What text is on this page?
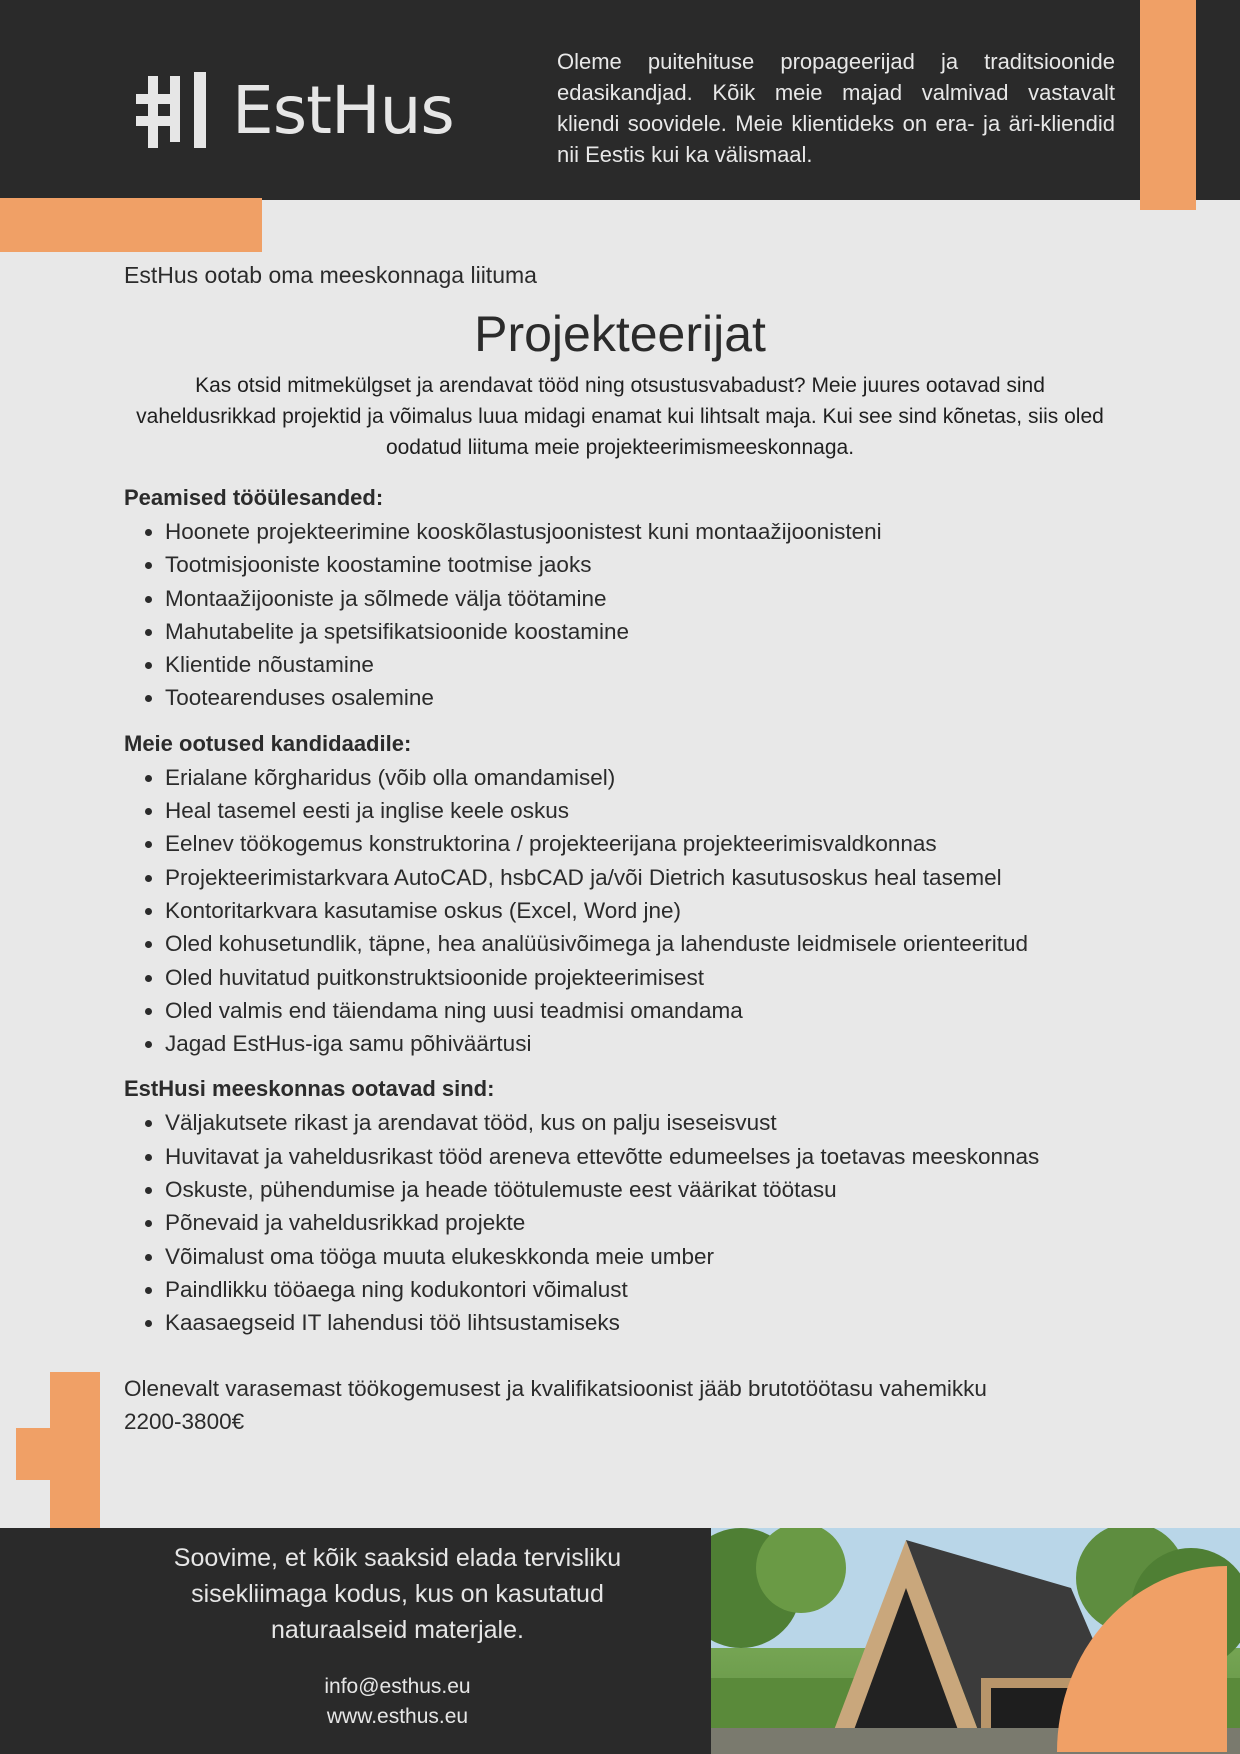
EstHus
Oleme puitehituse propageerijad ja traditsioonide edasikandjad. Kõik meie majad valmivad vastavalt kliendi soovidele. Meie klientideks on era- ja äri-kliendid nii Eestis kui ka välismaal.

EstHus ootab oma meeskonnaga liituma

Projekteerijat

Kas otsid mitmekülgset ja arendavat tööd ning otsustusvabadust? Meie juures ootavad sind vaheldusrikkad projektid ja võimalus luua midagi enamat kui lihtsalt maja. Kui see sind kõnetas, siis oled oodatud liituma meie projekteerimismeeskonnaga.

Peamised tööülesanded:
• Hoonete projekteerimine kooskõlastusjoonistest kuni montaažijoonisteni
• Tootmisjooniste koostamine tootmise jaoks
• Montaažijooniste ja sõlmede välja töötamine
• Mahutabelite ja spetsifikatsioonide koostamine
• Klientide nõustamine
• Tootearenduses osalemine
Meie ootused kandidaadile:
• Erialane kõrgharidus (võib olla omandamisel)
• Heal tasemel eesti ja inglise keele oskus
• Eelnev töökogemus konstruktorina / projekteerijana projekteerimisvaldkonnas
• Projekteerimistarkvara AutoCAD, hsbCAD ja/või Dietrich kasutusoskus heal tasemel
• Kontoritarkvara kasutamise oskus (Excel, Word jne)
• Oled kohusetundlik, täpne, hea analüüsivõimega ja lahenduste leidmisele orienteeritud
• Oled huvitatud puitkonstruktsioonide projekteerimisest
• Oled valmis end täiendama ning uusi teadmisi omandama
• Jagad EstHus-iga samu põhiväärtusi
EstHusi meeskonnas ootavad sind:
• Väljakutsete rikast ja arendavat tööd, kus on palju iseseisvust
• Huvitavat ja vaheldusrikast tööd areneva ettevõtte edumeelses ja toetavas meeskonnas
• Oskuste, pühendumise ja heade töötulemuste eest väärikat töötasu
• Põnevaid ja vaheldusrikkad projekte
• Võimalust oma tööga muuta elukeskkonda meie umber
• Paindlikku tööaega ning kodukontori võimalust
• Kaasaegseid IT lahendusi töö lihtsustamiseks
Olenevalt varasemast töökogemusest ja kvalifikatsioonist jääb brutotöötasu vahemikku 2200-3800€
Soovime, et kõik saaksid elada tervisliku sisekliimaga kodus, kus on kasutatud naturaalseid materjale.
info@esthus.eu
www.esthus.eu
